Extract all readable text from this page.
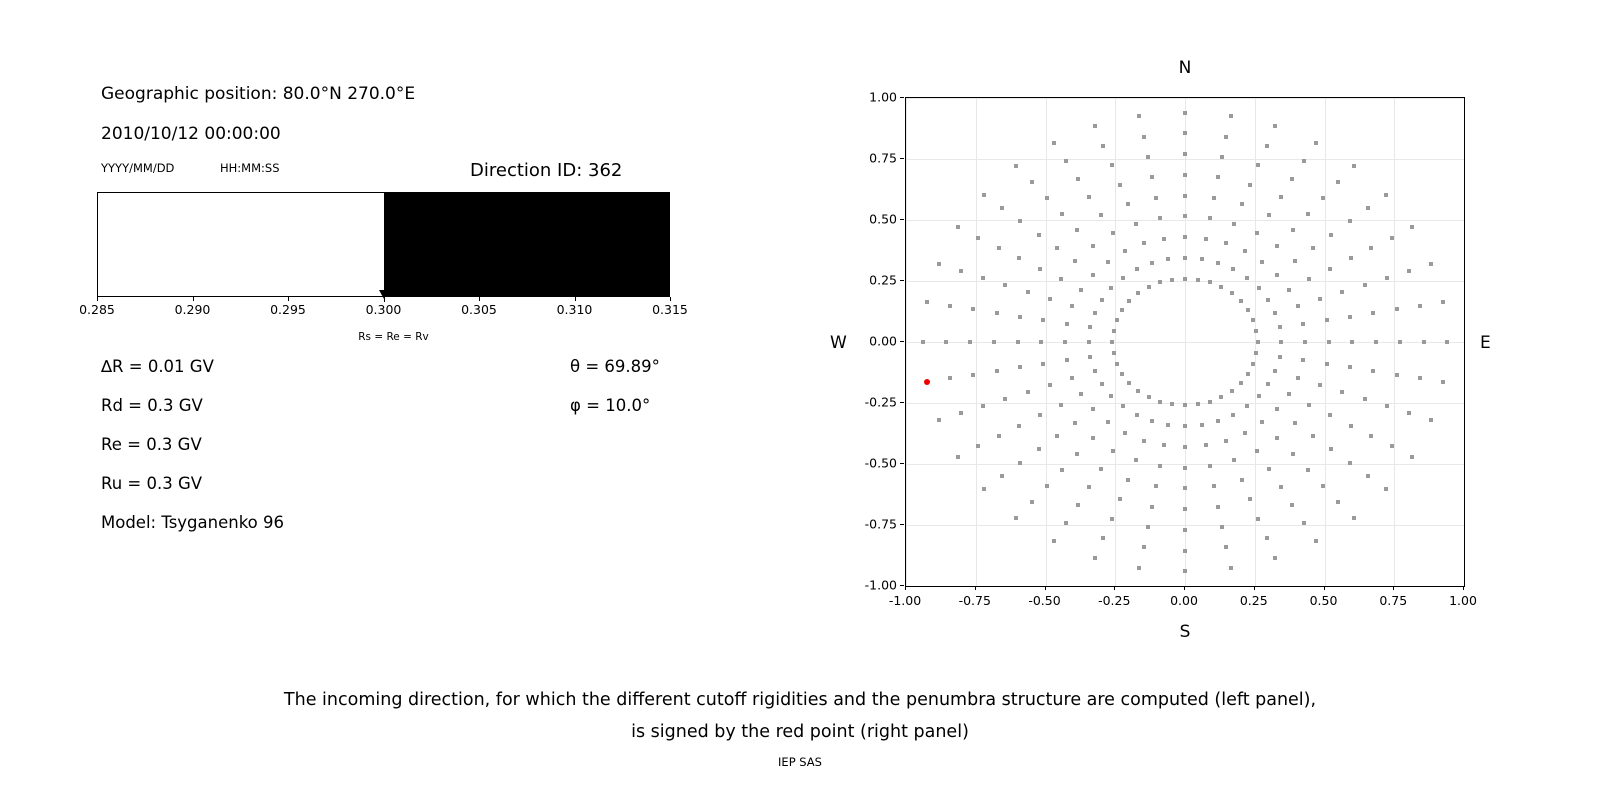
Geographic position: 80.0°N 270.0°E
2010/10/12 00:00:00
YYYY/MM/DD	HH:MM:SS	Direction ID: 362
0.285	0.290	0.295	0.300	0.305	0.310	0.315
Rs = Re = Rv
∆R = 0.01 GV
Rd = 0.3 GV
Re = 0.3 GV
Ru = 0.3 GV
Model: Tsyganenko 96
θ = 69.89°
φ = 10.0°
N
S
W	E
-1.00	-0.75	-0.50	-0.25	0.00	0.25	0.50	0.75	1.00
-1.00
-0.75
-0.50
-0.25
0.00
0.25
0.50
0.75
1.00
The incoming direction, for which the different cutoff rigidities and the penumbra structure are computed (left panel),
is signed by the red point (right panel)
IEP SAS
